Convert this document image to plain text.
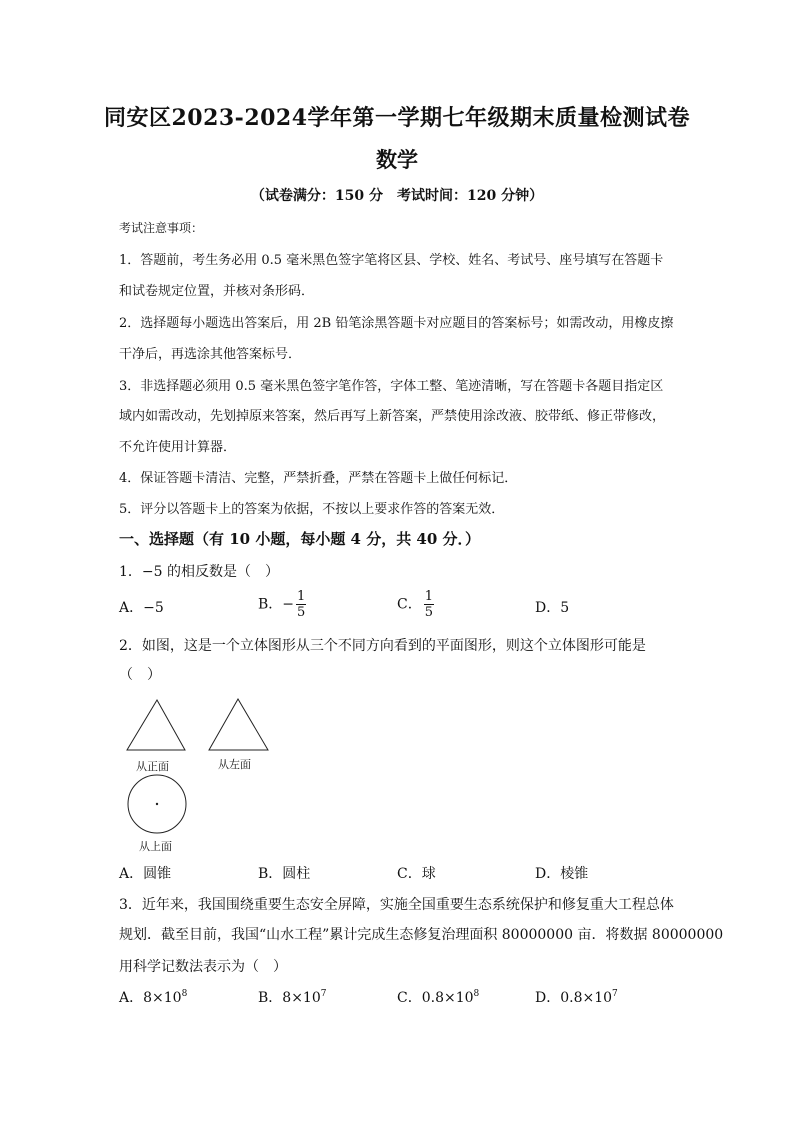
同安区2023-2024学年第一学期七年级期末质量检测试卷
数学
（试卷满分：150 分　考试时间：120 分钟）
考试注意事项：
1．答题前，考生务必用 0.5 毫米黑色签字笔将区县、学校、姓名、考试号、座号填写在答题卡
和试卷规定位置，并核对条形码．
2．选择题每小题选出答案后，用 2B 铅笔涂黑答题卡对应题目的答案标号；如需改动，用橡皮擦
干净后，再选涂其他答案标号．
3．非选择题必须用 0.5 毫米黑色签字笔作答，字体工整、笔迹清晰，写在答题卡各题目指定区
域内如需改动，先划掉原来答案，然后再写上新答案，严禁使用涂改液、胶带纸、修正带修改，
不允许使用计算器．
4．保证答题卡清洁、完整，严禁折叠，严禁在答题卡上做任何标记．
5．评分以答题卡上的答案为依据，不按以上要求作答的答案无效．
一、选择题（有 10 小题，每小题 4 分，共 40 分．）
1．−5 的相反数是（　）
A．−5	B．− $\frac{1}{5}$	C． $\frac{1}{5}$	D．5
2．如图，这是一个立体图形从三个不同方向看到的平面图形，则这个立体图形可能是
（　）
从正面	从左面
从上面
A．圆锥	B．圆柱	C．球	D．棱锥
3．近年来，我国围绕重要生态安全屏障，实施全国重要生态系统保护和修复重大工程总体
规划．截至目前，我国“山水工程”累计完成生态修复治理面积 80000000 亩．将数据 80000000
用科学记数法表示为（　）
A．$8\times 10^8$	B．$8\times 10^7$	C．$0.8\times 10^8$	D．$0.8\times 10^7$
